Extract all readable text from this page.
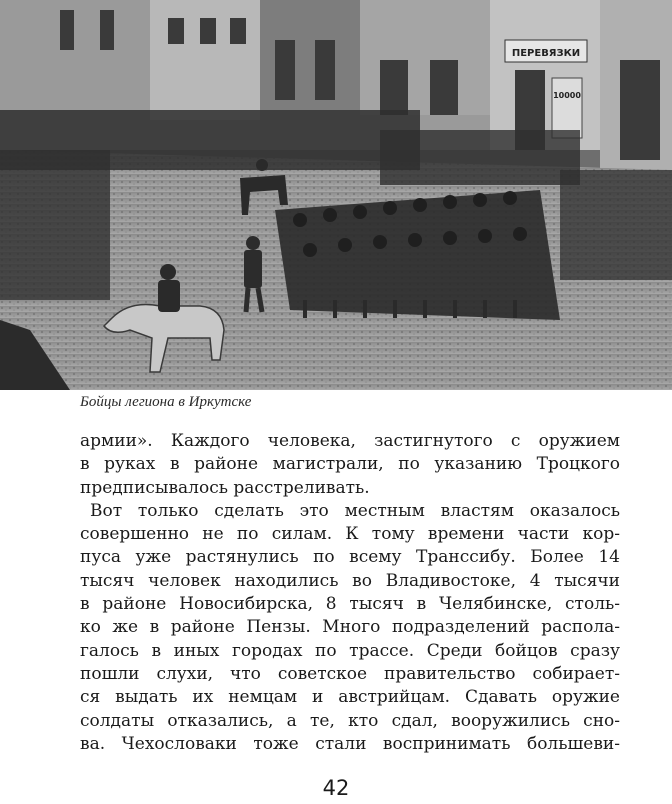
ПЕРЕВЯЗКИ
10000
Бойцы легиона в Иркутске
армии». Каждого человека, застигнутого с оружием
в руках в районе магистрали, по указанию Троцкого
предписывалось расстреливать.
Вот только сделать это местным властям оказалось
совершенно не по силам. К тому времени части кор-
пуса уже растянулись по всему Транссибу. Более 14
тысяч человек находились во Владивостоке, 4 тысячи
в районе Новосибирска, 8 тысяч в Челябинске, столь-
ко же в районе Пензы. Много подразделений распола-
галось в иных городах по трассе. Среди бойцов сразу
пошли слухи, что советское правительство собирает-
ся выдать их немцам и австрийцам. Сдавать оружие
солдаты отказались, а те, кто сдал, вооружились сно-
ва. Чехословаки тоже стали воспринимать большеви-
42
